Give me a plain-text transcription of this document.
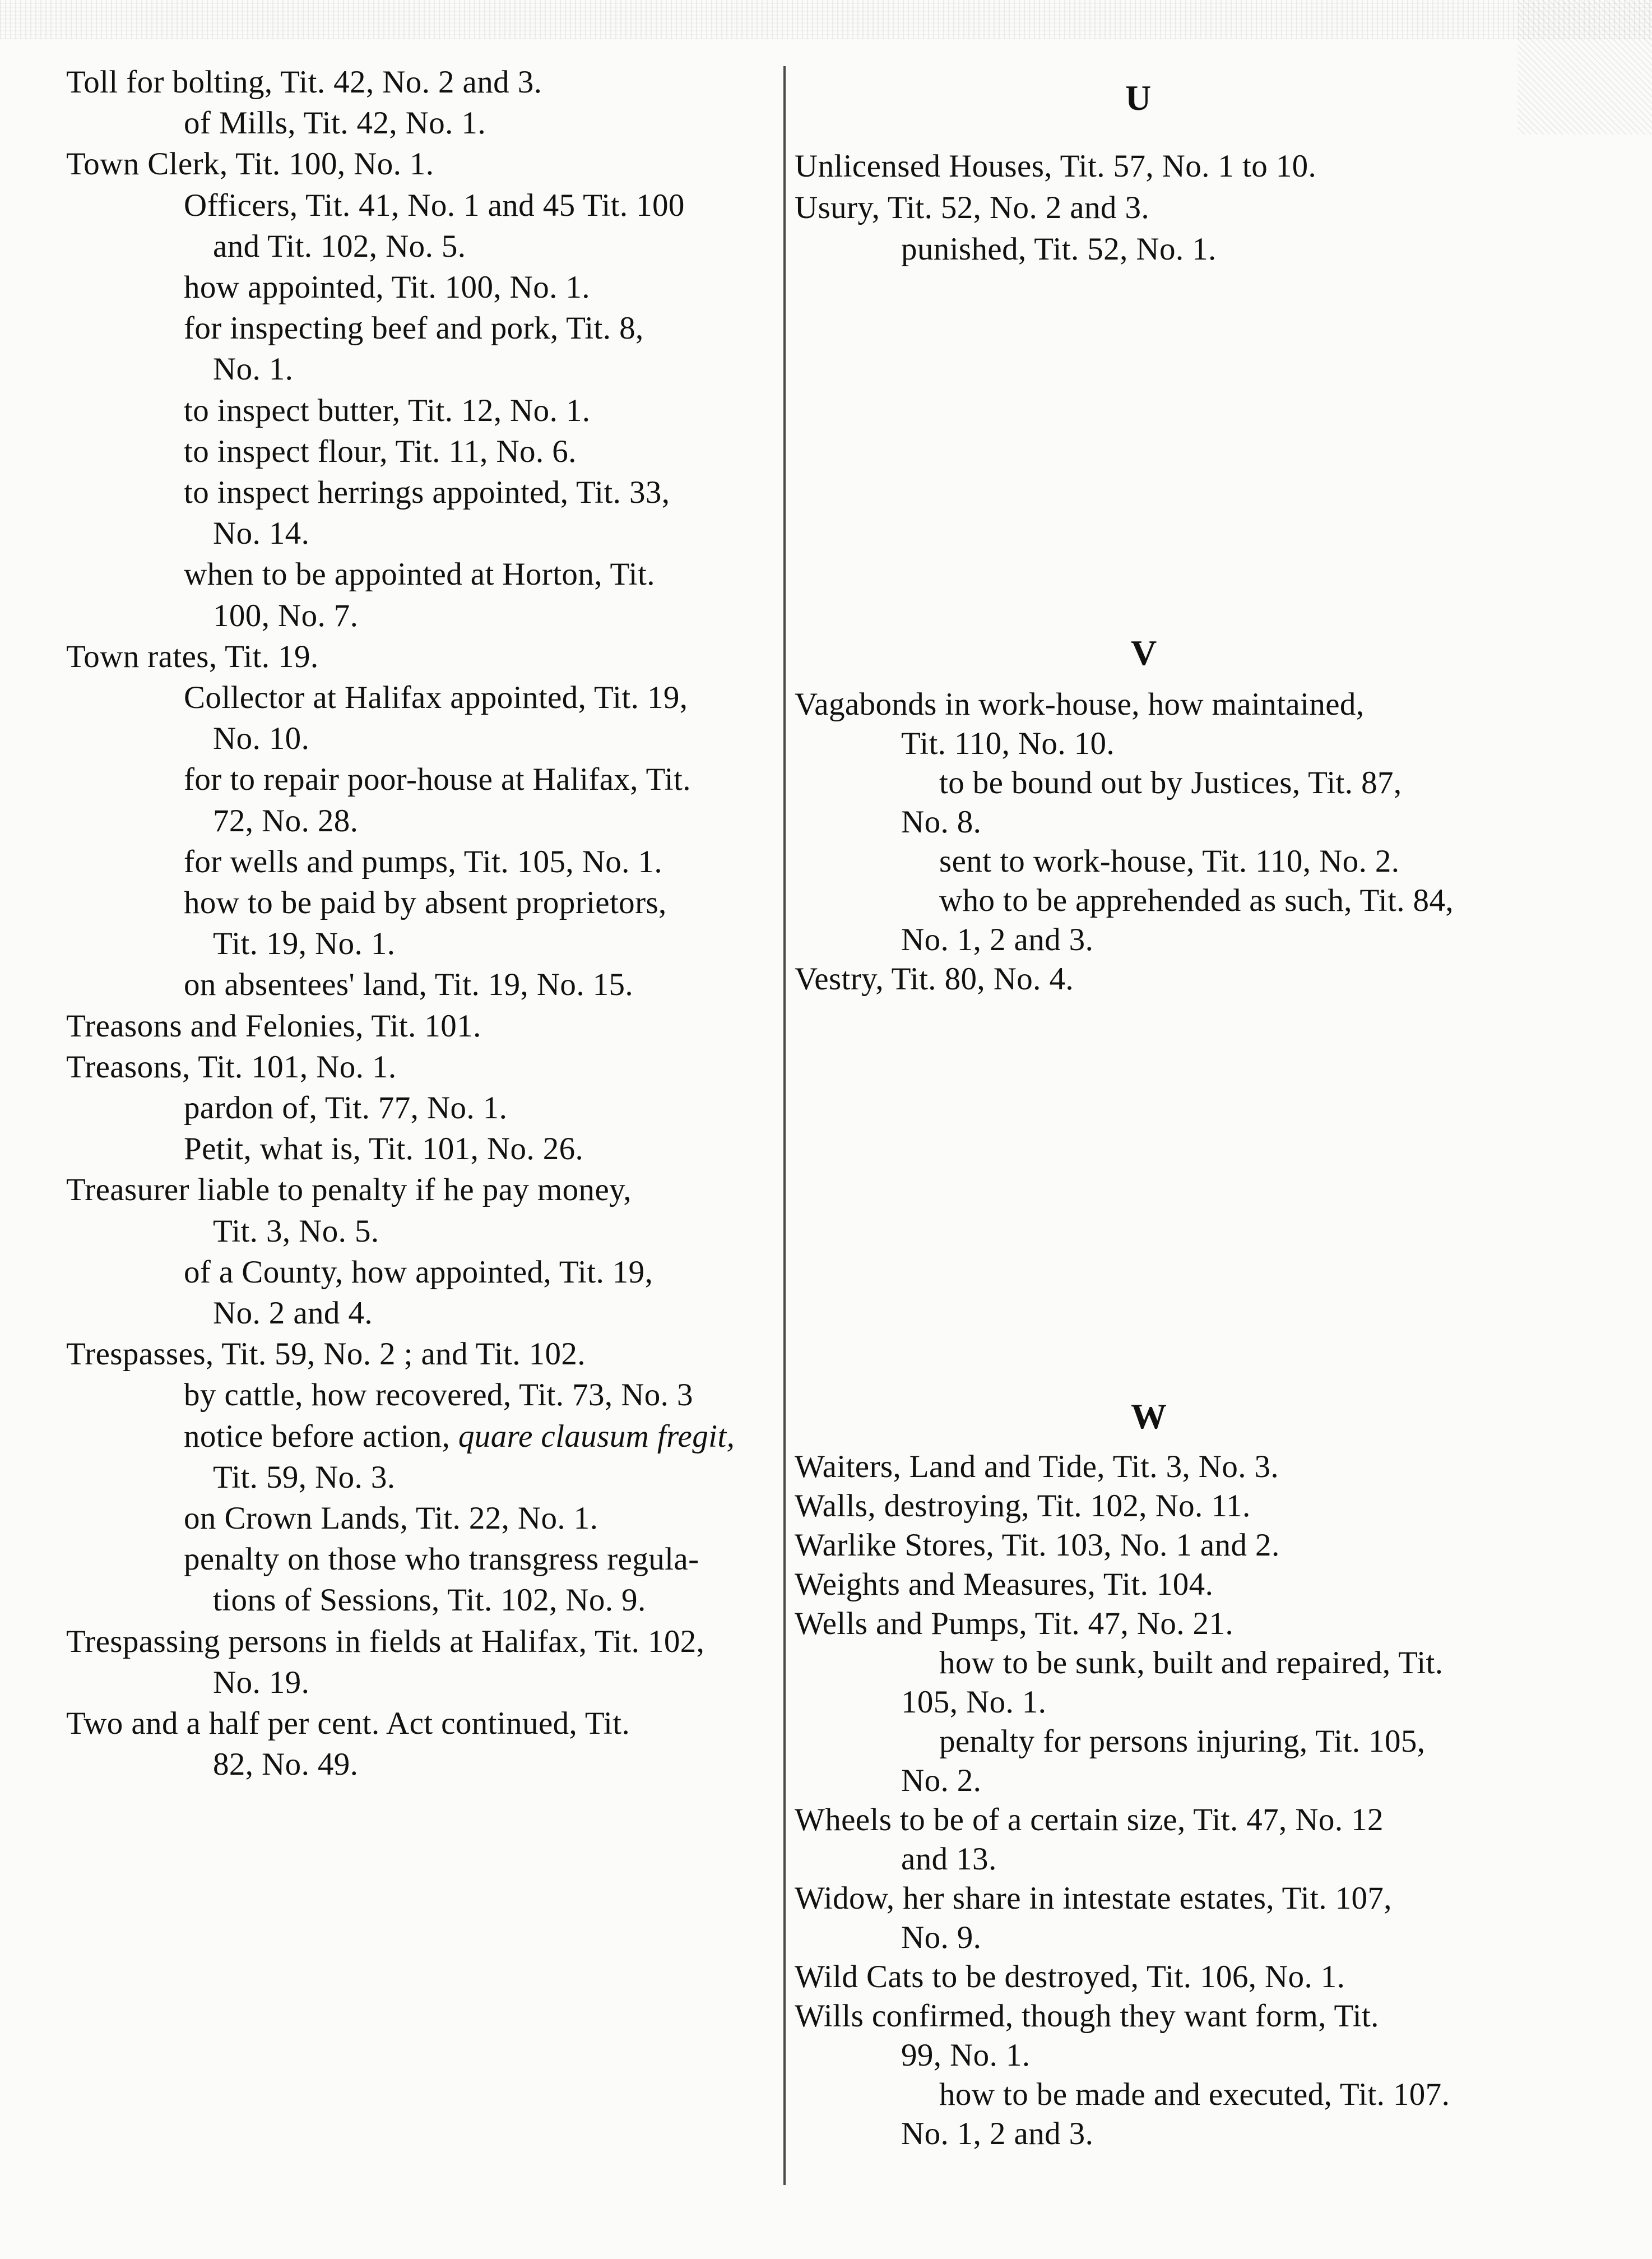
Toll for bolting, Tit. 42, No. 2 and 3.
of Mills, Tit. 42, No. 1.
Town Clerk, Tit. 100, No. 1.
Officers, Tit. 41, No. 1 and 45 Tit. 100
and Tit. 102, No. 5.
how appointed, Tit. 100, No. 1.
for inspecting beef and pork, Tit. 8,
No. 1.
to inspect butter, Tit. 12, No. 1.
to inspect flour, Tit. 11, No. 6.
to inspect herrings appointed, Tit. 33,
No. 14.
when to be appointed at Horton, Tit.
100, No. 7.
Town rates, Tit. 19.
Collector at Halifax appointed, Tit. 19,
No. 10.
for to repair poor-house at Halifax, Tit.
72, No. 28.
for wells and pumps, Tit. 105, No. 1.
how to be paid by absent proprietors,
Tit. 19, No. 1.
on absentees' land, Tit. 19, No. 15.
Treasons and Felonies, Tit. 101.
Treasons, Tit. 101, No. 1.
pardon of, Tit. 77, No. 1.
Petit, what is, Tit. 101, No. 26.
Treasurer liable to penalty if he pay money,
Tit. 3, No. 5.
of a County, how appointed, Tit. 19,
No. 2 and 4.
Trespasses, Tit. 59, No. 2 ; and Tit. 102.
by cattle, how recovered, Tit. 73, No. 3
notice before action, quare clausum fregit,
Tit. 59, No. 3.
on Crown Lands, Tit. 22, No. 1.
penalty on those who transgress regula-
tions of Sessions, Tit. 102, No. 9.
Trespassing persons in fields at Halifax, Tit. 102,
No. 19.
Two and a half per cent. Act continued, Tit.
82, No. 49.
U
V
W
Unlicensed Houses, Tit. 57, No. 1 to 10.
Usury, Tit. 52, No. 2 and 3.
punished, Tit. 52, No. 1.
Vagabonds in work-house, how maintained,
Tit. 110, No. 10.
to be bound out by Justices, Tit. 87,
No. 8.
sent to work-house, Tit. 110, No. 2.
who to be apprehended as such, Tit. 84,
No. 1, 2 and 3.
Vestry, Tit. 80, No. 4.
Waiters, Land and Tide, Tit. 3, No. 3.
Walls, destroying, Tit. 102, No. 11.
Warlike Stores, Tit. 103, No. 1 and 2.
Weights and Measures, Tit. 104.
Wells and Pumps, Tit. 47, No. 21.
how to be sunk, built and repaired, Tit.
105, No. 1.
penalty for persons injuring, Tit. 105,
No. 2.
Wheels to be of a certain size, Tit. 47, No. 12
and 13.
Widow, her share in intestate estates, Tit. 107,
No. 9.
Wild Cats to be destroyed, Tit. 106, No. 1.
Wills confirmed, though they want form, Tit.
99, No. 1.
how to be made and executed, Tit. 107.
No. 1, 2 and 3.
